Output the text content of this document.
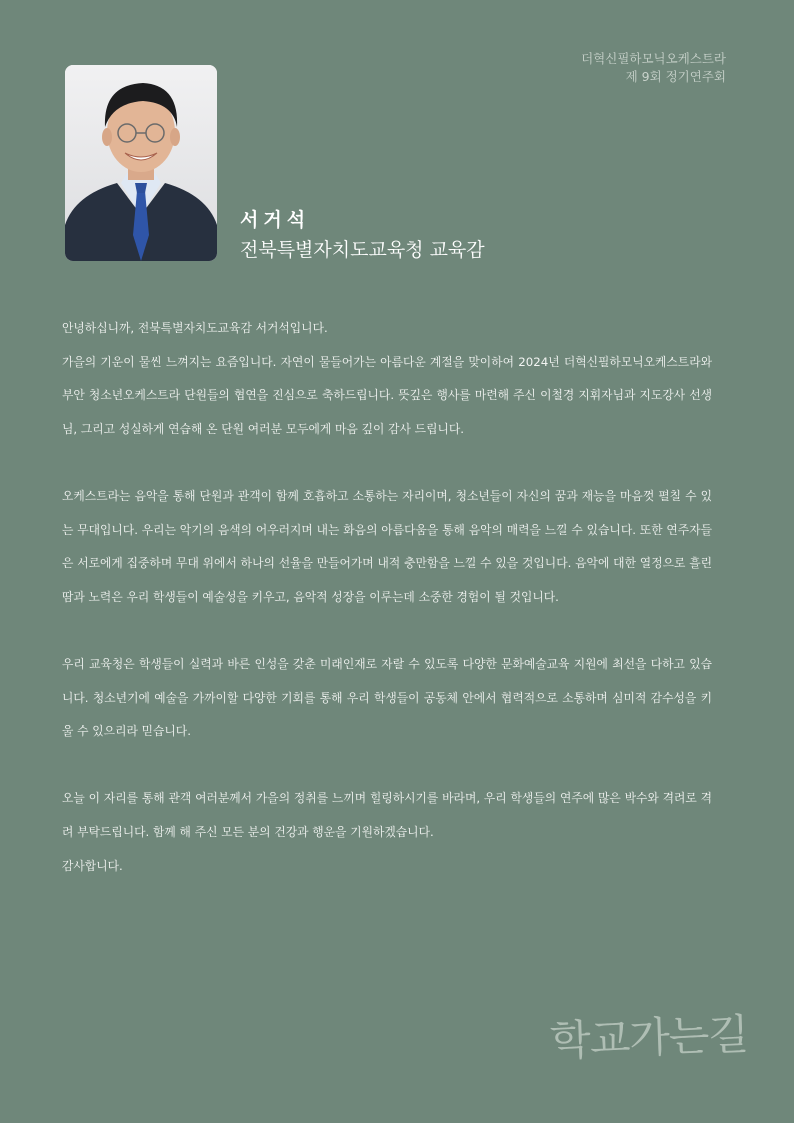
더혁신필하모닉오케스트라
제 9회 정기연주회
서거석
전북특별자치도교육청 교육감

안녕하십니까, 전북특별자치도교육감 서거석입니다.

가을의 기운이 물씬 느껴지는 요즘입니다. 자연이 물들어가는 아름다운 계절을 맞이하여 2024년 더혁신필하모닉오케스트라와 부안 청소년오케스트라 단원들의 협연을 진심으로 축하드립니다. 뜻깊은 행사를 마련해 주신 이철경 지휘자님과 지도강사 선생님, 그리고 성실하게 연습해 온 단원 여러분 모두에게 마음 깊이 감사 드립니다.

오케스트라는 음악을 통해 단원과 관객이 함께 호흡하고 소통하는 자리이며, 청소년들이 자신의 꿈과 재능을 마음껏 펼칠 수 있는 무대입니다. 우리는 악기의 음색의 어우러지며 내는 화음의 아름다움을 통해 음악의 매력을 느낄 수 있습니다. 또한 연주자들은 서로에게 집중하며 무대 위에서 하나의 선율을 만들어가며 내적 충만함을 느낄 수 있을 것입니다. 음악에 대한 열정으로 흘린 땀과 노력은 우리 학생들이 예술성을 키우고, 음악적 성장을 이루는데 소중한 경험이 될 것입니다.

우리 교육청은 학생들이 실력과 바른 인성을 갖춘 미래인재로 자랄 수 있도록 다양한 문화예술교육 지원에 최선을 다하고 있습니다. 청소년기에 예술을 가까이할 다양한 기회를 통해 우리 학생들이 공동체 안에서 협력적으로 소통하며 심미적 감수성을 키울 수 있으리라 믿습니다.

오늘 이 자리를 통해 관객 여러분께서 가을의 정취를 느끼며 힐링하시기를 바라며, 우리 학생들의 연주에 많은 박수와 격려로 격려 부탁드립니다. 함께 해 주신 모든 분의 건강과 행운을 기원하겠습니다.

감사합니다.

학교가는길
